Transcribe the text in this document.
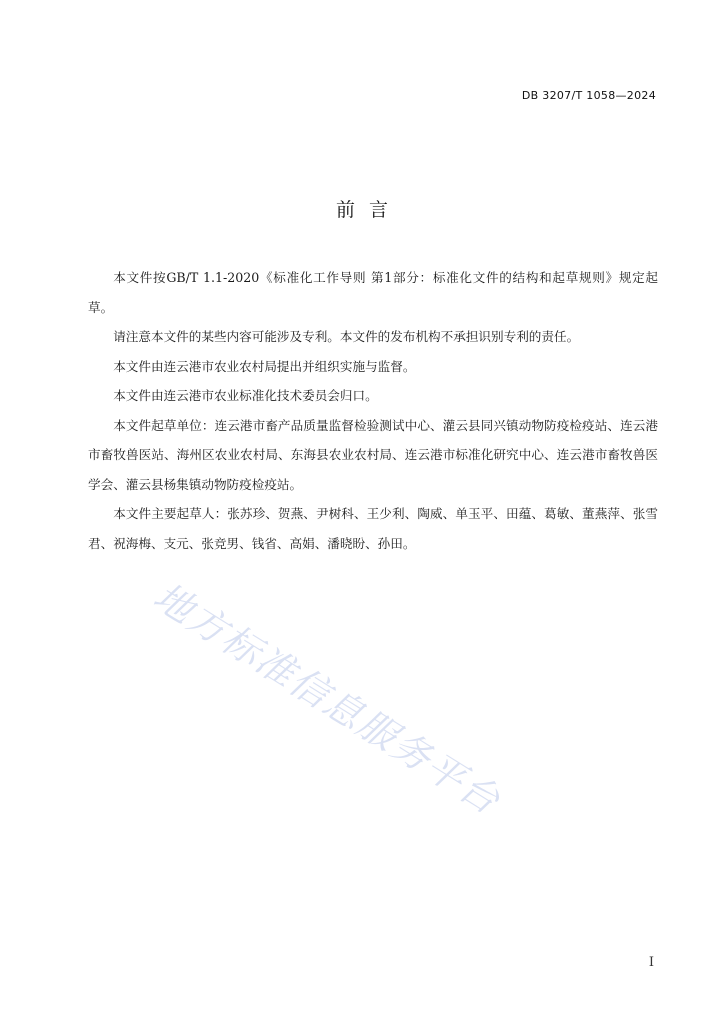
DB 3207/T 1058—2024
前言

本文件按GB/T 1.1-2020《标准化工作导则 第1部分：标准化文件的结构和起草规则》规定起草。

请注意本文件的某些内容可能涉及专利。本文件的发布机构不承担识别专利的责任。

本文件由连云港市农业农村局提出并组织实施与监督。

本文件由连云港市农业标准化技术委员会归口。

本文件起草单位：连云港市畜产品质量监督检验测试中心、灌云县同兴镇动物防疫检疫站、连云港市畜牧兽医站、海州区农业农村局、东海县农业农村局、连云港市标准化研究中心、连云港市畜牧兽医学会、灌云县杨集镇动物防疫检疫站。

本文件主要起草人：张苏珍、贺燕、尹树科、王少利、陶威、单玉平、田蕴、葛敏、董燕萍、张雪君、祝海梅、支元、张竞男、钱省、高娟、潘晓盼、孙田。

地方标准信息服务平台
I
